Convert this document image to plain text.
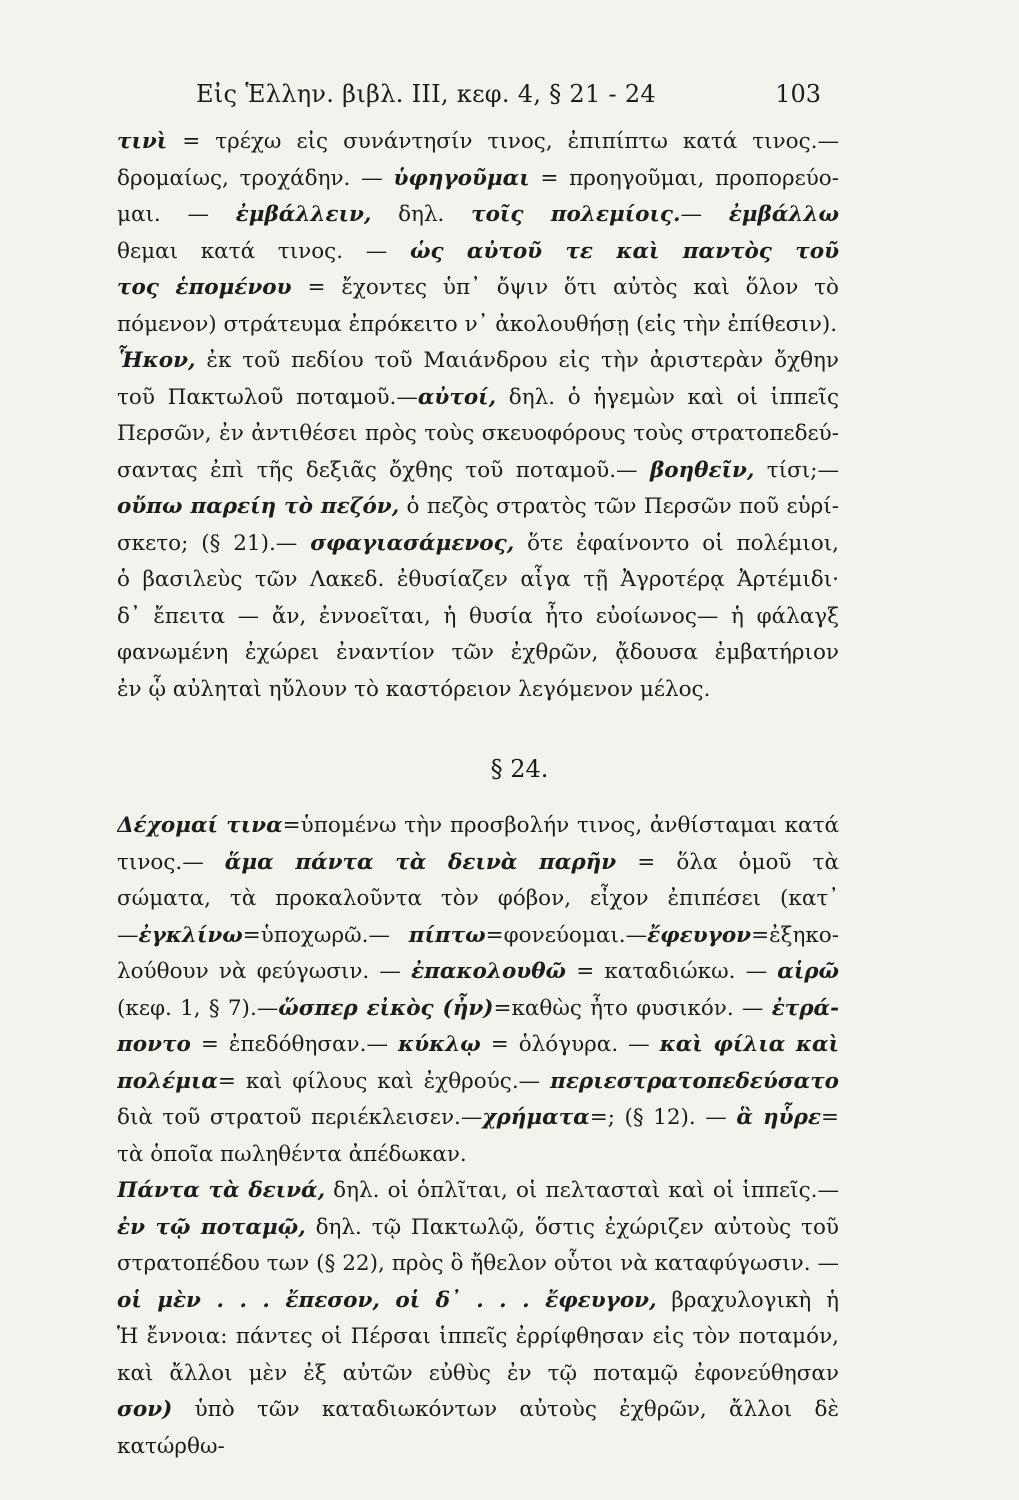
Εἰς Ἑλλην. βιβλ. III, κεφ. 4, § 21 - 24	103
τινὶ = τρέχω εἰς συνάντησίν τινος, ἐπιπίπτω κατά τινος.—
δρομαίως, τροχάδην. — ὑφηγοῦμαι = προηγοῦμαι, προπορεύο-
μαι. — ἐμβάλλειν, δηλ. τοῖς πολεμίοις.— ἐμβάλλω
θεμαι κατά τινος. — ὡς αὐτοῦ τε καὶ παντὸς τοῦ
τος ἑπομένου = ἔχοντες ὑπ᾽ ὄψιν ὅτι αὐτὸς καὶ ὅλον τὸ
πόμενον) στράτευμα ἐπρόκειτο ν᾽ ἀκολουθήσῃ (εἰς τὴν ἐπίθεσιν).
Ἧκον, ἐκ τοῦ πεδίου τοῦ Μαιάνδρου εἰς τὴν ἀριστερὰν ὄχθην
τοῦ Πακτωλοῦ ποταμοῦ.—αὐτοί, δηλ. ὁ ἡγεμὼν καὶ οἱ ἱππεῖς
Περσῶν, ἐν ἀντιθέσει πρὸς τοὺς σκευοφόρους τοὺς στρατοπεδεύ-
σαντας ἐπὶ τῆς δεξιᾶς ὄχθης τοῦ ποταμοῦ.— βοηθεῖν, τίσι;—
οὔπω παρείη τὸ πεζόν, ὁ πεζὸς στρατὸς τῶν Περσῶν ποῦ εὑρί-
σκετο; (§ 21).— σφαγιασάμενος, ὅτε ἐφαίνοντο οἱ πολέμιοι,
ὁ βασιλεὺς τῶν Λακεδ. ἐθυσίαζεν αἶγα τῇ Ἀγροτέρᾳ Ἀρτέμιδι·
δ᾽ ἔπειτα — ἄν, ἐννοεῖται, ἡ θυσία ἦτο εὐοίωνος— ἡ φάλαγξ
φανωμένη ἐχώρει ἐναντίον τῶν ἐχθρῶν, ᾄδουσα ἐμβατήριον
ἐν ᾧ αὐληταὶ ηὔλουν τὸ καστόρειον λεγόμενον μέλος.
§ 24.
Δέχομαί τινα=ὑπομένω τὴν προσβολήν τινος, ἀνθίσταμαι κατά
τινος.— ἅμα πάντα τὰ δεινὰ παρῆν = ὅλα ὁμοῦ τὰ
σώματα, τὰ προκαλοῦντα τὸν φόβον, εἶχον ἐπιπέσει (κατ᾽
—ἐγκλίνω=ὑποχωρῶ.— πίπτω=φονεύομαι.—ἔφευγον=ἐξηκο-
λούθουν νὰ φεύγωσιν. — ἐπακολουθῶ = καταδιώκω. — αἱρῶ
(κεφ. 1, § 7).—ὥσπερ εἰκὸς (ἦν)=καθὼς ἦτο φυσικόν. — ἐτρά-
ποντο = ἐπεδόθησαν.— κύκλῳ = ὁλόγυρα. — καὶ φίλια καὶ
πολέμια= καὶ φίλους καὶ ἐχθρούς.— περιεστρατοπεδεύσατο
διὰ τοῦ στρατοῦ περιέκλεισεν.—χρήματα=; (§ 12). — ἃ ηὗρε=
τὰ ὁποῖα πωληθέντα ἀπέδωκαν.
Πάντα τὰ δεινά, δηλ. οἱ ὁπλῖται, οἱ πελτασταὶ καὶ οἱ ἱππεῖς.—
ἐν τῷ ποταμῷ, δηλ. τῷ Πακτωλῷ, ὅστις ἐχώριζεν αὐτοὺς τοῦ
στρατοπέδου των (§ 22), πρὸς ὃ ἤθελον οὗτοι νὰ καταφύγωσιν. —
οἱ μὲν . . . ἔπεσον, οἱ δ᾽ . . . ἔφευγον, βραχυλογικὴ ἡ
Ἡ ἔννοια: πάντες οἱ Πέρσαι ἱππεῖς ἐρρίφθησαν εἰς τὸν ποταμόν,
καὶ ἄλλοι μὲν ἐξ αὐτῶν εὐθὺς ἐν τῷ ποταμῷ ἐφονεύθησαν
σον) ὑπὸ τῶν καταδιωκόντων αὐτοὺς ἐχθρῶν, ἄλλοι δὲ κατώρθω-
